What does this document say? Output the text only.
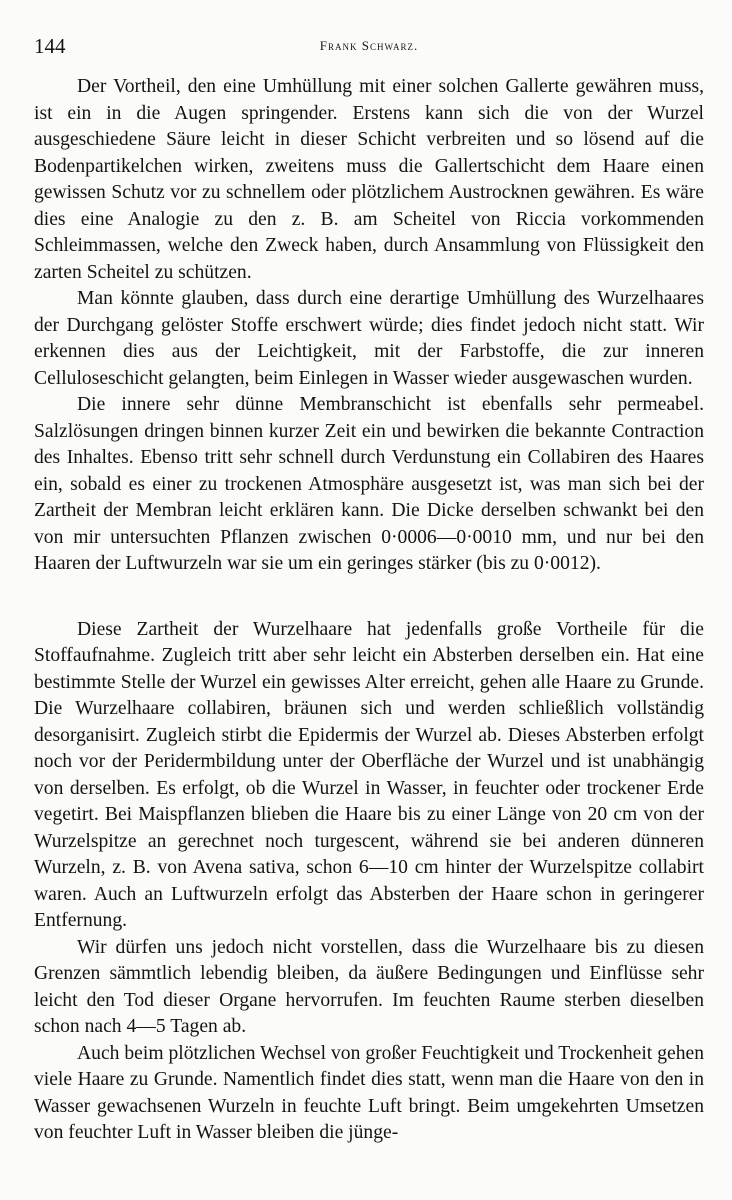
144	Frank Schwarz.

Der Vortheil, den eine Umhüllung mit einer solchen Gallerte gewähren muss, ist ein in die Augen springender. Erstens kann sich die von der Wurzel ausgeschiedene Säure leicht in dieser Schicht verbreiten und so lösend auf die Bodenpartikelchen wirken, zweitens muss die Gallertschicht dem Haare einen gewissen Schutz vor zu schnellem oder plötzlichem Austrocknen gewähren. Es wäre dies eine Analogie zu den z. B. am Scheitel von Riccia vorkommenden Schleimmassen, welche den Zweck haben, durch Ansammlung von Flüssigkeit den zarten Scheitel zu schützen.

Man könnte glauben, dass durch eine derartige Umhüllung des Wurzelhaares der Durchgang gelöster Stoffe erschwert würde; dies findet jedoch nicht statt. Wir erkennen dies aus der Leichtigkeit, mit der Farbstoffe, die zur inneren Celluloseschicht gelangten, beim Einlegen in Wasser wieder ausgewaschen wurden.

Die innere sehr dünne Membranschicht ist ebenfalls sehr permeabel. Salzlösungen dringen binnen kurzer Zeit ein und bewirken die bekannte Contraction des Inhaltes. Ebenso tritt sehr schnell durch Verdunstung ein Collabiren des Haares ein, sobald es einer zu trockenen Atmosphäre ausgesetzt ist, was man sich bei der Zartheit der Membran leicht erklären kann. Die Dicke derselben schwankt bei den von mir untersuchten Pflanzen zwischen 0·0006—0·0010 mm, und nur bei den Haaren der Luftwurzeln war sie um ein geringes stärker (bis zu 0·0012).

Diese Zartheit der Wurzelhaare hat jedenfalls große Vortheile für die Stoffaufnahme. Zugleich tritt aber sehr leicht ein Absterben derselben ein. Hat eine bestimmte Stelle der Wurzel ein gewisses Alter erreicht, gehen alle Haare zu Grunde. Die Wurzelhaare collabiren, bräunen sich und werden schließlich vollständig desorganisirt. Zugleich stirbt die Epidermis der Wurzel ab. Dieses Absterben erfolgt noch vor der Peridermbildung unter der Oberfläche der Wurzel und ist unabhängig von derselben. Es erfolgt, ob die Wurzel in Wasser, in feuchter oder trockener Erde vegetirt. Bei Maispflanzen blieben die Haare bis zu einer Länge von 20 cm von der Wurzelspitze an gerechnet noch turgescent, während sie bei anderen dünneren Wurzeln, z. B. von Avena sativa, schon 6—10 cm hinter der Wurzelspitze collabirt waren. Auch an Luftwurzeln erfolgt das Absterben der Haare schon in geringerer Entfernung.

Wir dürfen uns jedoch nicht vorstellen, dass die Wurzelhaare bis zu diesen Grenzen sämmtlich lebendig bleiben, da äußere Bedingungen und Einflüsse sehr leicht den Tod dieser Organe hervorrufen. Im feuchten Raume sterben dieselben schon nach 4—5 Tagen ab.

Auch beim plötzlichen Wechsel von großer Feuchtigkeit und Trockenheit gehen viele Haare zu Grunde. Namentlich findet dies statt, wenn man die Haare von den in Wasser gewachsenen Wurzeln in feuchte Luft bringt. Beim umgekehrten Umsetzen von feuchter Luft in Wasser bleiben die jünge-
